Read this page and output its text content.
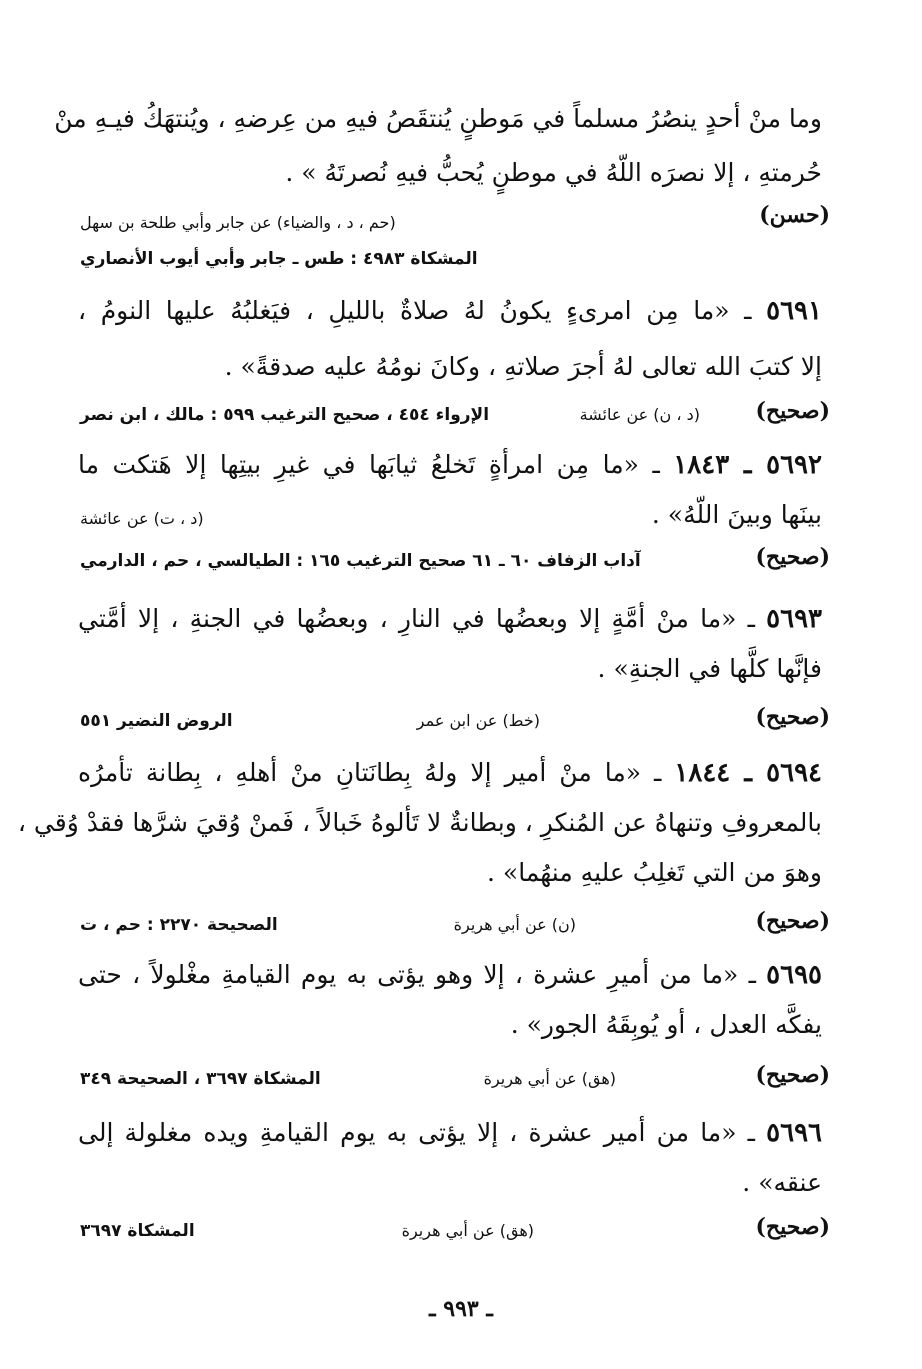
وما منْ أحدٍ ينصُرُ مسلماً في مَوطنٍ يُنتقَصُ فيهِ من عِرضهِ ، ويُنتهَكُ فيـهِ منْ
حُرمتهِ ، إلا نصرَه اللّهُ في موطنٍ يُحبُّ فيهِ نُصرتَهُ » .
(حسن)
(حم ، د ، والضياء) عن جابر وأبي طلحة بن سهل
المشكاة ٤٩٨٣ : طس ـ جابر وأبي أيوب الأنصاري
٥٦٩١ ـ «ما مِن امرىءٍ يكونُ لهُ صلاةٌ بالليلِ ، فيَغلبُهُ عليها النومُ ،
إلا كتبَ الله تعالى لهُ أجرَ صلاتهِ ، وكانَ نومُهُ عليه صدقةً» .
(صحيح)
(د ، ن) عن عائشة
الإرواء ٤٥٤ ، صحيح الترغيب ٥٩٩ : مالك ، ابن نصر
٥٦٩٢ ـ ١٨٤٣ ـ «ما مِن امرأةٍ تَخلعُ ثيابَها في غيرِ بيتِها إلا هَتكت ما
بينَها وبينَ اللّهُ» .
(د ، ت) عن عائشة
(صحيح)
آداب الزفاف ٦٠ ـ ٦١ صحيح الترغيب ١٦٥ : الطيالسي ، حم ، الدارمي
٥٦٩٣ ـ «ما منْ أمَّةٍ إلا وبعضُها في النارِ ، وبعضُها في الجنةِ ، إلا أمَّتي
فإنَّها كلَّها في الجنةِ» .
(صحيح)
(خط) عن ابن عمر
الروض النضير ٥٥١
٥٦٩٤ ـ ١٨٤٤ ـ «ما منْ أمير إلا ولهُ بِطانَتانِ منْ أهلهِ ، بِطانة تأمرُه
بالمعروفِ وتنهاهُ عن المُنكرِ ، وبطانةٌ لا تَألوهُ خَبالاً ، فَمنْ وُقيَ شرَّها فقدْ وُقي ،
وهوَ من التي تَغلِبُ عليهِ منهُما» .
(صحيح)
(ن) عن أبي هريرة
الصحيحة ٢٢٧٠ : حم ، ت
٥٦٩٥ ـ «ما من أميرِ عشرة ، إلا وهو يؤتى به يوم القيامةِ مغْلولاً ، حتى
يفكَّه العدل ، أو يُوبِقَهُ الجور» .
(صحيح)
(هق) عن أبي هريرة
المشكاة ٣٦٩٧ ، الصحيحة ٣٤٩
٥٦٩٦ ـ «ما من أمير عشرة ، إلا يؤتى به يوم القيامةِ ويده مغلولة إلى
عنقه» .
(صحيح)
(هق) عن أبي هريرة
المشكاة ٣٦٩٧
ـ ٩٩٣ ـ
